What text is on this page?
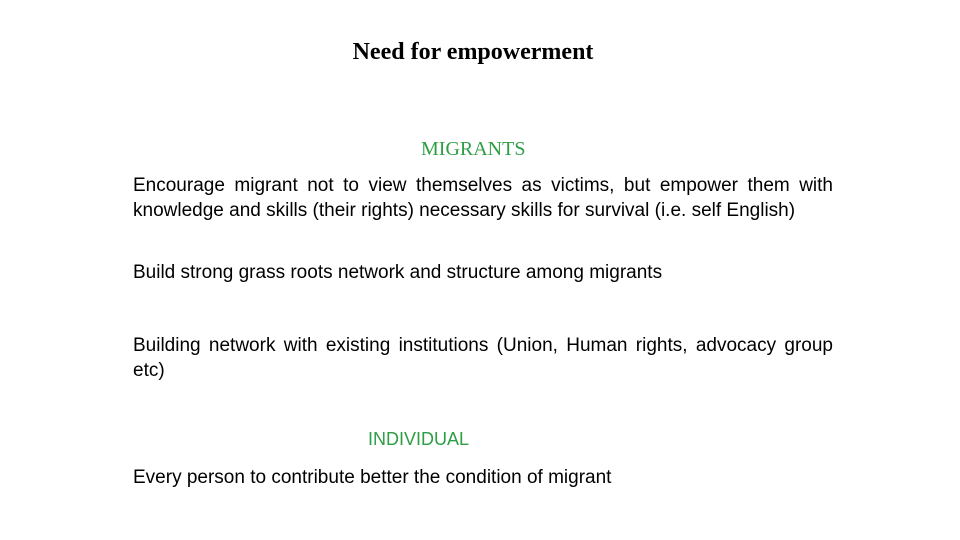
Need for empowerment
MIGRANTS
Encourage migrant not to view themselves as victims, but empower them with knowledge and skills (their rights) necessary skills for survival (i.e. self English)
Build strong grass roots network and structure among migrants
Building network with existing institutions (Union, Human rights, advocacy group etc)
INDIVIDUAL
Every person to contribute better the condition of migrant
